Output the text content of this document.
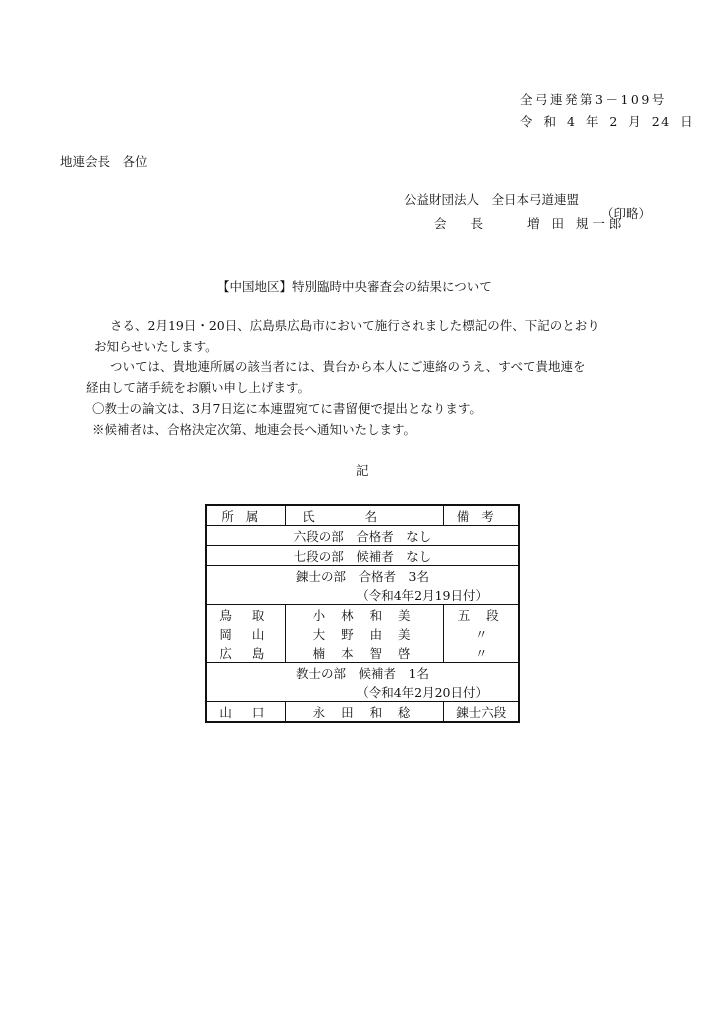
全弓連発第3－109号
令 和 4 年 2 月 24 日
地連会長　各位
公益財団法人　全日本弓道連盟
（印略）
会 長	増 田 規一郎
【中国地区】特別臨時中央審査会の結果について
さる、2月19日・20日、広島県広島市において施行されました標記の件、下記のとおり
お知らせいたします。
ついては、貴地連所属の該当者には、貴台から本人にご連絡のうえ、すべて貴地連を
経由して諸手続をお願い申し上げます。
〇教士の論文は、3月7日迄に本連盟宛てに書留便で提出となります。
※候補者は、合格決定次第、地連会長へ通知いたします。
記
所属	氏名	備考
六段の部　合格者　なし		
七段の部　候補者　なし		
錬士の部　合格者　3名		
（令和4年2月19日付）		
鳥 取	小 林 和 美	五 段
岡 山	大 野 由 美	〃
広 島	楠 本 智 啓	〃
教士の部　候補者　1名		
（令和4年2月20日付）		
山 口	永 田 和 稔	錬士六段
